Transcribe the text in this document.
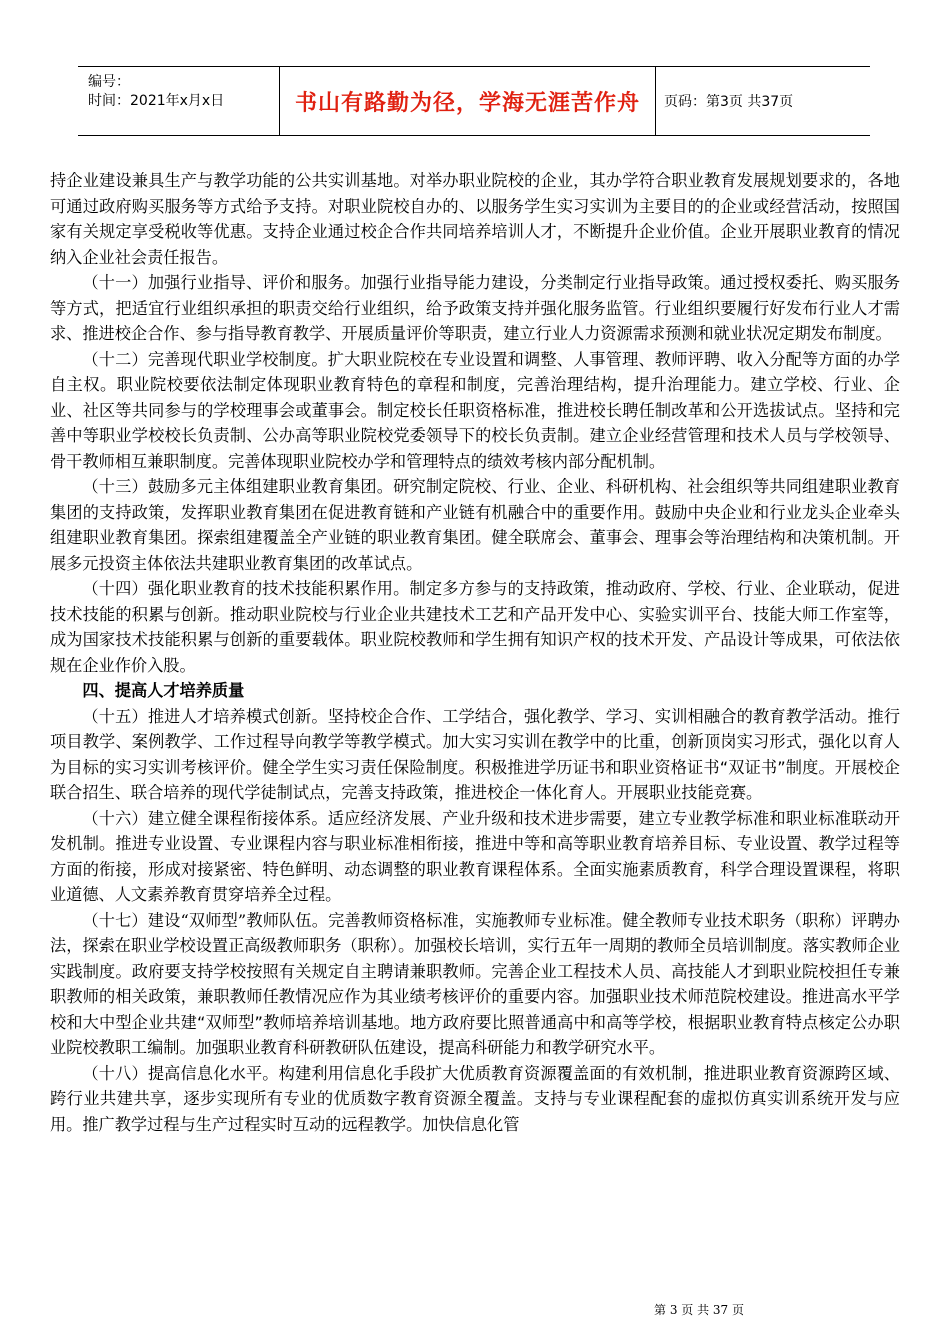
编号：
时间：2021年x月x日	书山有路勤为径，学海无涯苦作舟	页码：第3页 共37页

持企业建设兼具生产与教学功能的公共实训基地。对举办职业院校的企业，其办学符合职业教育发展规划要求的，各地可通过政府购买服务等方式给予支持。对职业院校自办的、以服务学生实习实训为主要目的的企业或经营活动，按照国家有关规定享受税收等优惠。支持企业通过校企合作共同培养培训人才，不断提升企业价值。企业开展职业教育的情况纳入企业社会责任报告。

（十一）加强行业指导、评价和服务。加强行业指导能力建设，分类制定行业指导政策。通过授权委托、购买服务等方式，把适宜行业组织承担的职责交给行业组织，给予政策支持并强化服务监管。行业组织要履行好发布行业人才需求、推进校企合作、参与指导教育教学、开展质量评价等职责，建立行业人力资源需求预测和就业状况定期发布制度。

（十二）完善现代职业学校制度。扩大职业院校在专业设置和调整、人事管理、教师评聘、收入分配等方面的办学自主权。职业院校要依法制定体现职业教育特色的章程和制度，完善治理结构，提升治理能力。建立学校、行业、企业、社区等共同参与的学校理事会或董事会。制定校长任职资格标准，推进校长聘任制改革和公开选拔试点。坚持和完善中等职业学校校长负责制、公办高等职业院校党委领导下的校长负责制。建立企业经营管理和技术人员与学校领导、骨干教师相互兼职制度。完善体现职业院校办学和管理特点的绩效考核内部分配机制。

（十三）鼓励多元主体组建职业教育集团。研究制定院校、行业、企业、科研机构、社会组织等共同组建职业教育集团的支持政策，发挥职业教育集团在促进教育链和产业链有机融合中的重要作用。鼓励中央企业和行业龙头企业牵头组建职业教育集团。探索组建覆盖全产业链的职业教育集团。健全联席会、董事会、理事会等治理结构和决策机制。开展多元投资主体依法共建职业教育集团的改革试点。

（十四）强化职业教育的技术技能积累作用。制定多方参与的支持政策，推动政府、学校、行业、企业联动，促进技术技能的积累与创新。推动职业院校与行业企业共建技术工艺和产品开发中心、实验实训平台、技能大师工作室等，成为国家技术技能积累与创新的重要载体。职业院校教师和学生拥有知识产权的技术开发、产品设计等成果，可依法依规在企业作价入股。

四、提高人才培养质量

（十五）推进人才培养模式创新。坚持校企合作、工学结合，强化教学、学习、实训相融合的教育教学活动。推行项目教学、案例教学、工作过程导向教学等教学模式。加大实习实训在教学中的比重，创新顶岗实习形式，强化以育人为目标的实习实训考核评价。健全学生实习责任保险制度。积极推进学历证书和职业资格证书“双证书”制度。开展校企联合招生、联合培养的现代学徒制试点，完善支持政策，推进校企一体化育人。开展职业技能竞赛。

（十六）建立健全课程衔接体系。适应经济发展、产业升级和技术进步需要，建立专业教学标准和职业标准联动开发机制。推进专业设置、专业课程内容与职业标准相衔接，推进中等和高等职业教育培养目标、专业设置、教学过程等方面的衔接，形成对接紧密、特色鲜明、动态调整的职业教育课程体系。全面实施素质教育，科学合理设置课程，将职业道德、人文素养教育贯穿培养全过程。

（十七）建设“双师型”教师队伍。完善教师资格标准，实施教师专业标准。健全教师专业技术职务（职称）评聘办法，探索在职业学校设置正高级教师职务（职称）。加强校长培训，实行五年一周期的教师全员培训制度。落实教师企业实践制度。政府要支持学校按照有关规定自主聘请兼职教师。完善企业工程技术人员、高技能人才到职业院校担任专兼职教师的相关政策，兼职教师任教情况应作为其业绩考核评价的重要内容。加强职业技术师范院校建设。推进高水平学校和大中型企业共建“双师型”教师培养培训基地。地方政府要比照普通高中和高等学校，根据职业教育特点核定公办职业院校教职工编制。加强职业教育科研教研队伍建设，提高科研能力和教学研究水平。

（十八）提高信息化水平。构建利用信息化手段扩大优质教育资源覆盖面的有效机制，推进职业教育资源跨区域、跨行业共建共享，逐步实现所有专业的优质数字教育资源全覆盖。支持与专业课程配套的虚拟仿真实训系统开发与应用。推广教学过程与生产过程实时互动的远程教学。加快信息化管

第 3 页 共 37 页
